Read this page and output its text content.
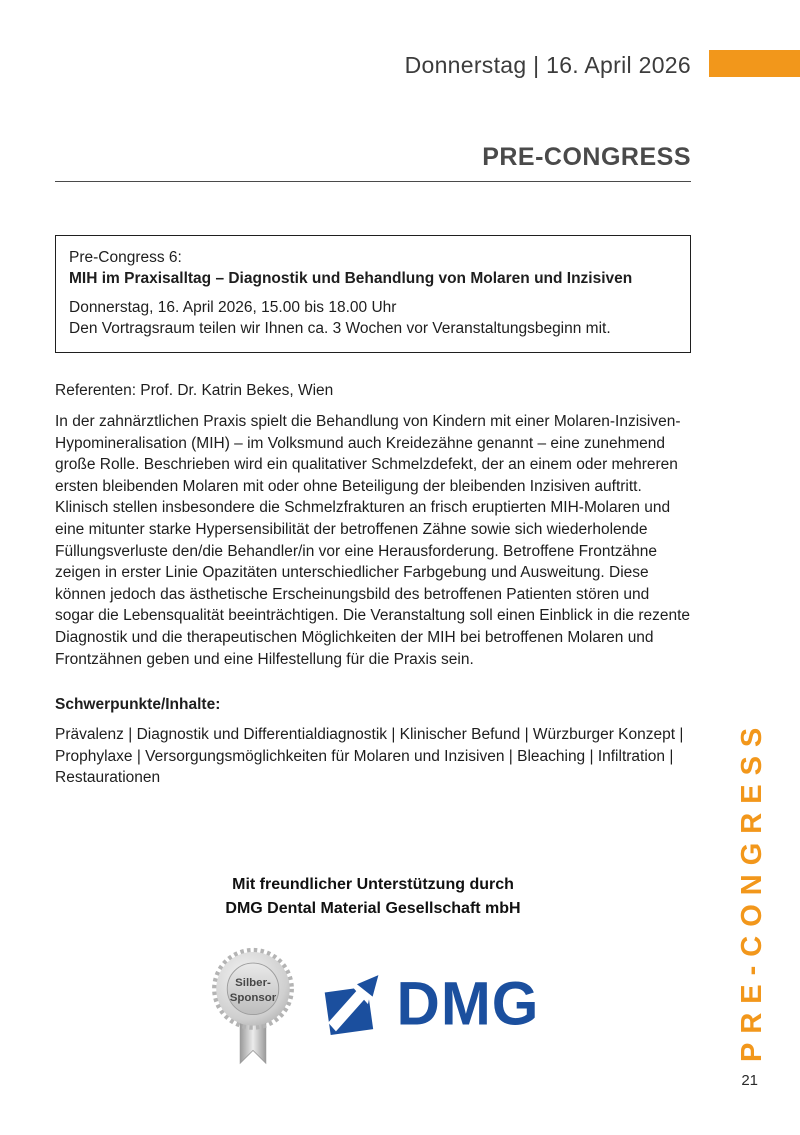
Donnerstag | 16. April 2026

PRE-CONGRESS

Pre-Congress 6:

MIH im Praxisalltag – Diagnostik und Behandlung von Molaren und Inzisiven

Donnerstag, 16. April 2026, 15.00 bis 18.00 Uhr

Den Vortragsraum teilen wir Ihnen ca. 3 Wochen vor Veranstaltungsbeginn mit.

Referenten: Prof. Dr. Katrin Bekes, Wien

In der zahnärztlichen Praxis spielt die Behandlung von Kindern mit einer Molaren-Inzisiven-Hypomineralisation (MIH) – im Volksmund auch Kreidezähne genannt – eine zunehmend große Rolle. Beschrieben wird ein qualitativer Schmelzdefekt, der an einem oder mehreren ersten bleibenden Molaren mit oder ohne Beteiligung der bleibenden Inzisiven auftritt. Klinisch stellen insbesondere die Schmelzfrakturen an frisch eruptierten MIH-Molaren und eine mitunter starke Hypersensibilität der betroffenen Zähne sowie sich wiederholende Füllungsverluste den/die Behandler/in vor eine Herausforderung. Betroffene Frontzähne zeigen in erster Linie Opazitäten unterschiedlicher Farbgebung und Ausweitung. Diese können jedoch das ästhetische Erscheinungsbild des betroffenen Patienten stören und sogar die Lebensqualität beeinträchtigen. Die Veranstaltung soll einen Einblick in die rezente Diagnostik und die therapeutischen Möglichkeiten der MIH bei betroffenen Molaren und Frontzähnen geben und eine Hilfestellung für die Praxis sein.

Schwerpunkte/Inhalte:

Prävalenz | Diagnostik und Differentialdiagnostik | Klinischer Befund | Würzburger Konzept | Prophylaxe | Versorgungsmöglichkeiten für Molaren und Inzisiven | Bleaching | Infiltration | Restaurationen

Mit freundlicher Unterstützung durch

DMG Dental Material Gesellschaft mbH

Silber-
Sponsor DMG	PRE-CONGRESS
21
